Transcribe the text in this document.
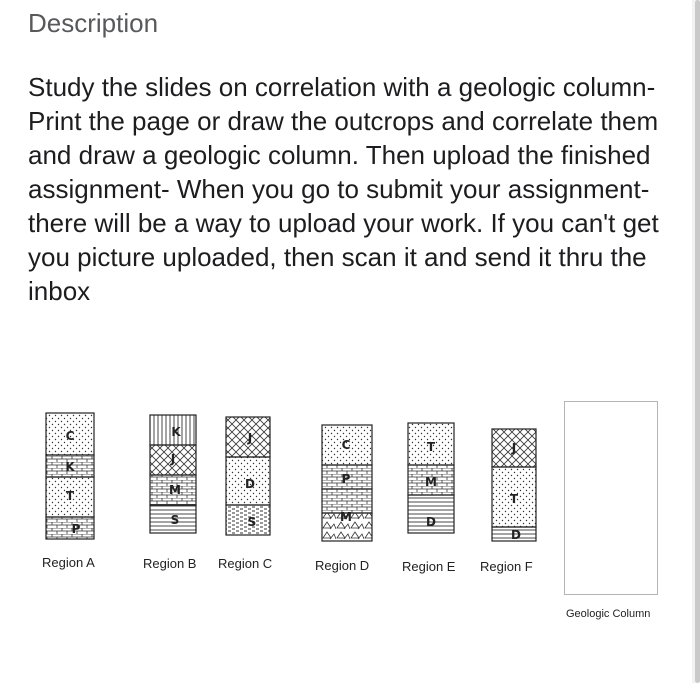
Description
Study the slides on correlation with a geologic column- Print the page or draw the outcrops and correlate them and draw a geologic column. Then upload the finished assignment- When you go to submit your assignment- there will be a way to upload your work. If you can't get you picture uploaded, then scan it and send it thru the inbox
C
K
T
P
K
J
M
S
J
D
S
C
P
M
T
M
D
J
T
D
Region A	Region B Region C	Region D	Region E Region F
Geologic Column
